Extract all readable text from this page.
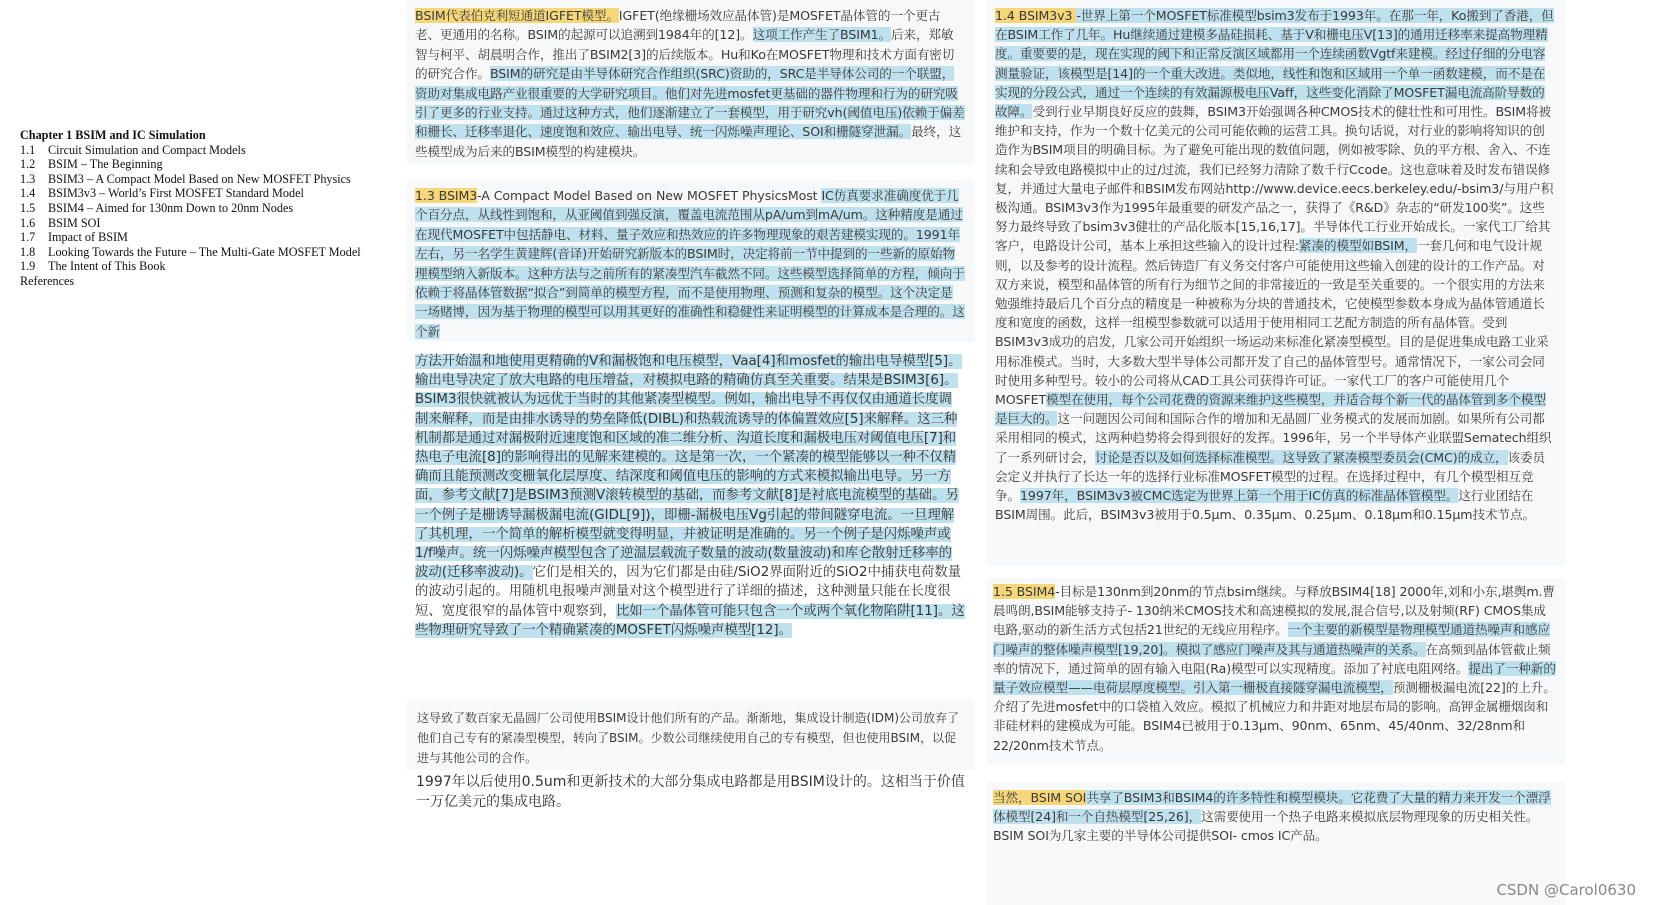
Chapter 1 BSIM and IC Simulation
1.1 Circuit Simulation and Compact Models
1.2 BSIM – The Beginning
1.3 BSIM3 – A Compact Model Based on New MOSFET Physics
1.4 BSIM3v3 – World’s First MOSFET Standard Model
1.5 BSIM4 – Aimed for 130nm Down to 20nm Nodes
1.6 BSIM SOI
1.7 Impact of BSIM
1.8 Looking Towards the Future – The Multi-Gate MOSFET Model
1.9 The Intent of This Book
References
BSIM代表伯克利短通道IGFET模型。IGFET(绝缘栅场效应晶体管)是MOSFET晶体管的一个更古老、更通用的名称。BSIM的起源可以追溯到1984年的[12]。这项工作产生了BSIM1。后来，郑敏智与柯平、胡晨明合作，推出了BSIM2[3]的后续版本。Hu和Ko在MOSFET物理和技术方面有密切的研究合作。BSIM的研究是由半导体研究合作组织(SRC)资助的，SRC是半导体公司的一个联盟，资助对集成电路产业很重要的大学研究项目。他们对先进mosfet更基础的器件物理和行为的研究吸引了更多的行业支持。通过这种方式，他们逐渐建立了一套模型，用于研究vh(阈值电压)依赖于偏差和栅长、迁移率退化、速度饱和效应、输出电导、统一闪烁噪声理论、SOI和栅隧穿泄漏。最终，这些模型成为后来的BSIM模型的构建模块。
1.3 BSIM3-A Compact Model Based on New MOSFET PhysicsMost IC仿真要求准确度优于几个百分点，从线性到饱和，从亚阈值到强反演，覆盖电流范围从pA/um到mA/um。这种精度是通过在现代MOSFET中包括静电、材料、量子效应和热效应的许多物理现象的艰苦建模实现的。1991年左右，另一名学生黄建辉(音译)开始研究新版本的BSIM时，决定将前一节中提到的一些新的原始物理模型纳入新版本。这种方法与之前所有的紧凑型汽车截然不同。这些模型选择简单的方程，倾向于依赖于将晶体管数据“拟合”到简单的模型方程，而不是使用物理、预测和复杂的模型。这个决定是一场赌博，因为基于物理的模型可以用其更好的准确性和稳健性来证明模型的计算成本是合理的。这个新
方法开始温和地使用更精确的V和漏极饱和电压模型，Vaa[4]和mosfet的输出电导模型[5]。输出电导决定了放大电路的电压增益，对模拟电路的精确仿真至关重要。结果是BSIM3[6]。BSIM3很快就被认为远优于当时的其他紧凑型模型。例如，输出电导不再仅仅由通道长度调制来解释，而是由排水诱导的势垒降低(DIBL)和热载流诱导的体偏置效应[5]来解释。这三种机制都是通过对漏极附近速度饱和区域的准二维分析、沟道长度和漏极电压对阈值电压[7]和热电子电流[8]的影响得出的见解来建模的。这是第一次，一个紧凑的模型能够以一种不仅精确而且能预测改变栅氧化层厚度、结深度和阈值电压的影响的方式来模拟输出电导。另一方面，参考文献[7]是BSIM3预测V滚转模型的基础，而参考文献[8]是衬底电流模型的基础。另一个例子是栅诱导漏极漏电流(GIDL[9])，即栅-漏极电压Vg引起的带间隧穿电流。一旦理解了其机理，一个简单的解析模型就变得明显，并被证明是准确的。另一个例子是闪烁噪声或1/f噪声。统一闪烁噪声模型包含了逆温层载流子数量的波动(数量波动)和库仑散射迁移率的波动(迁移率波动)。它们是相关的，因为它们都是由硅/SiO2界面附近的SiO2中捕获电荷数量的波动引起的。用随机电报噪声测量对这个模型进行了详细的描述，这种测量只能在长度很短、宽度很窄的晶体管中观察到，比如一个晶体管可能只包含一个或两个氧化物陷阱[11]。这些物理研究导致了一个精确紧凑的MOSFET闪烁噪声模型[12]。
这导致了数百家无晶圆厂公司使用BSIM设计他们所有的产品。渐渐地，集成设计制造(IDM)公司放弃了他们自己专有的紧凑型模型，转向了BSIM。少数公司继续使用自己的专有模型，但也使用BSIM，以促进与其他公司的合作。
1997年以后使用0.5um和更新技术的大部分集成电路都是用BSIM设计的。这相当于价值一万亿美元的集成电路。
1.4 BSIM3v3 -世界上第一个MOSFET标准模型bsim3发布于1993年。在那一年，Ko搬到了香港，但在BSIM工作了几年。Hu继续通过建模多晶硅损耗、基于V和栅电压V[13]的通用迁移率来提高物理精度。重要要的是，现在实现的阈下和正常反演区域都用一个连续函数Vgtf来建模。经过仔细的分电容测量验证，该模型是[14]的一个重大改进。类似地，线性和饱和区域用一个单一函数建模，而不是在实现的分段公式，通过一个连续的有效漏源极电压Vaff，这些变化消除了MOSFET漏电流高阶导数的故障。受到行业早期良好反应的鼓舞，BSIM3开始强调各种CMOS技术的健壮性和可用性。BSIM将被维护和支持，作为一个数十亿美元的公司可能依赖的运营工具。换句话说，对行业的影响将知识的创造作为BSIM项目的明确目标。为了避免可能出现的数值问题，例如被零除、负的平方根、舍入、不连续和会导致电路模拟中止的过/过流，我们已经努力清除了数千行Ccode。这也意味着及时发布错误修复，并通过大量电子邮件和BSIM发布网站http://www.device.eecs.berkeley.edu/-bsim3/与用户积极沟通。BSIM3v3作为1995年最重要的研发产品之一，获得了《R&D》杂志的“研发100奖”。这些努力最终导致了bsim3v3健壮的产品化版本[15,16,17]。半导体代工行业开始成长。一家代工厂给其客户，电路设计公司，基本上承担这些输入的设计过程:紧凑的模型如BSIM，一套几何和电气设计规则，以及参考的设计流程。然后铸造厂有义务交付客户可能使用这些输入创建的设计的工作产品。对双方来说，模型和晶体管的所有行为细节之间的非常接近的一致是至关重要的。一个很实用的方法来勉强维持最后几个百分点的精度是一种被称为分块的普通技术，它使模型参数本身成为晶体管通道长度和宽度的函数，这样一组模型参数就可以适用于使用相同工艺配方制造的所有晶体管。受到BSIM3v3成功的启发，几家公司开始组织一场运动来标准化紧凑型模型。目的是促进集成电路工业采用标准模式。当时，大多数大型半导体公司都开发了自己的晶体管型号。通常情况下，一家公司会同时使用多种型号。较小的公司将从CAD工具公司获得许可证。一家代工厂的客户可能使用几个MOSFET模型在使用，每个公司花费的资源来维护这些模型，并适合每个新一代的晶体管到多个模型是巨大的。这一问题因公司间和国际合作的增加和无晶圆厂业务模式的发展而加剧。如果所有公司都采用相同的模式，这两种趋势将会得到很好的发挥。1996年，另一个半导体产业联盟Sematech组织了一系列研讨会，讨论是否以及如何选择标准模型。这导致了紧凑模型委员会(CMC)的成立，该委员会定义并执行了长达一年的选择行业标准MOSFET模型的过程。在选择过程中，有几个模型相互竞争。1997年，BSIM3v3被CMC选定为世界上第一个用于IC仿真的标准晶体管模型。这行业团结在BSIM周围。此后，BSIM3v3被用于0.5μm、0.35μm、0.25μm、0.18μm和0.15μm技术节点。
1.5 BSIM4-目标是130nm到20nm的节点bsim继续。与释放BSIM4[18] 2000年,刘和小东,堪舆m.曹晨鸣朗,BSIM能够支持子- 130纳米CMOS技术和高速模拟的发展,混合信号,以及射频(RF) CMOS集成电路,驱动的新生活方式包括21世纪的无线应用程序。一个主要的新模型是物理模型通道热噪声和感应门噪声的整体噪声模型[19,20]。模拟了感应门噪声及其与通道热噪声的关系。在高频到晶体管截止频率的情况下，通过简单的固有输入电阻(Ra)模型可以实现精度。添加了衬底电阻网络。提出了一种新的量子效应模型——电荷层厚度模型。引入第一栅极直接隧穿漏电流模型，预测栅极漏电流[22]的上升。介绍了先进mosfet中的口袋植入效应。模拟了机械应力和井距对地层布局的影响。高钾金属栅烟囱和非硅材料的建模成为可能。BSIM4已被用于0.13μm、90nm、65nm、45/40nm、32/28nm和22/20nm技术节点。
当然，BSIM SOI共享了BSIM3和BSIM4的许多特性和模型模块。它花费了大量的精力来开发一个漂浮体模型[24]和一个自热模型[25,26]，这需要使用一个热子电路来模拟底层物理现象的历史相关性。BSIM SOI为几家主要的半导体公司提供SOI- cmos IC产品。
CSDN @Carol0630
